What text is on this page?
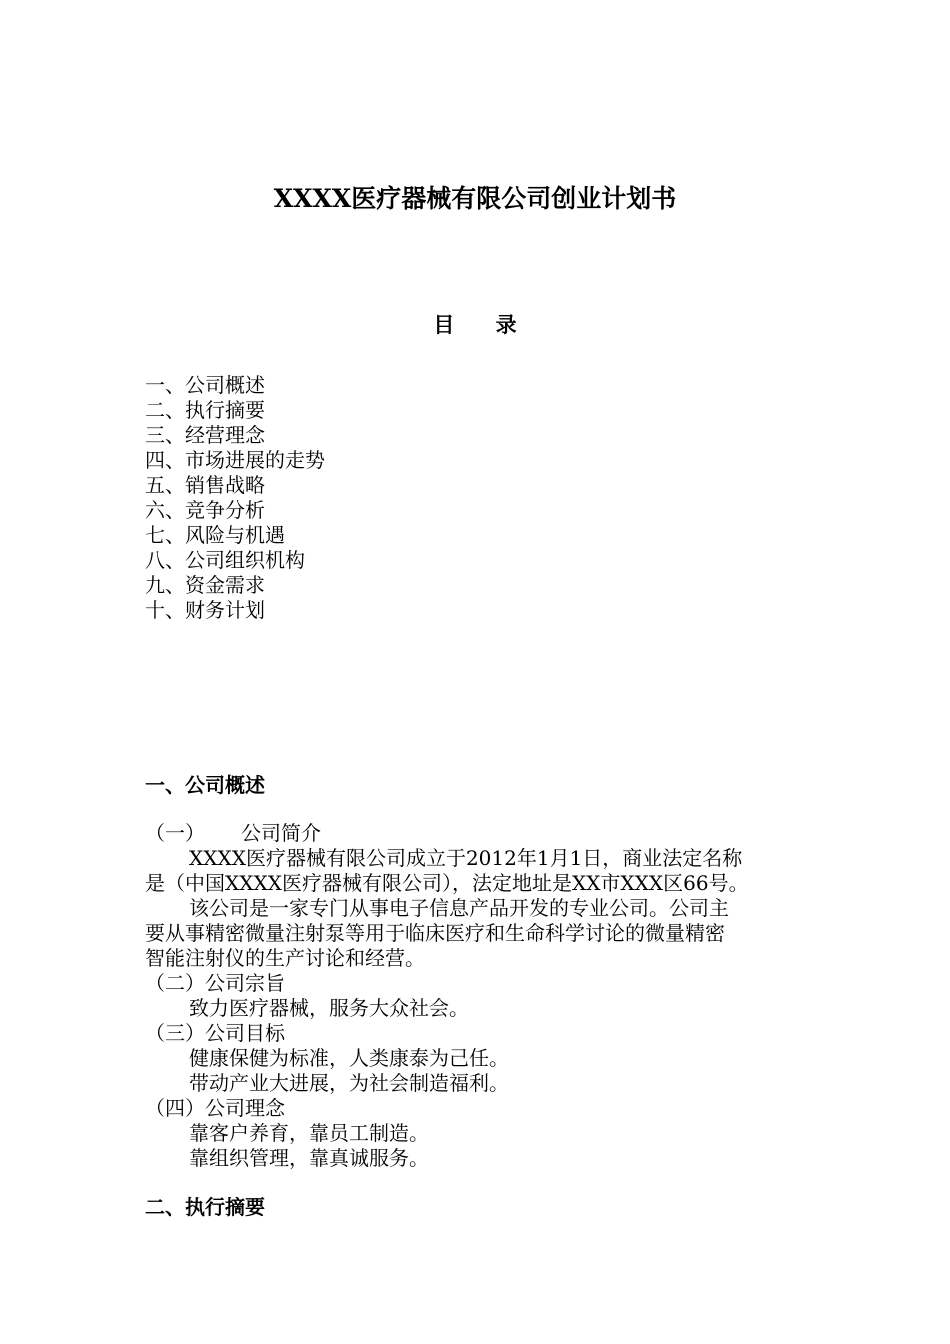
XXXX医疗器械有限公司创业计划书
目 录
一、公司概述
二、执行摘要
三、经营理念
四、市场进展的走势
五、销售战略
六、竞争分析
七、风险与机遇
八、公司组织机构
九、资金需求
十、财务计划
一、公司概述
（一） 公司简介
XXXX医疗器械有限公司成立于2012年1月1日，商业法定名称
是（中国XXXX医疗器械有限公司），法定地址是XX市XXX区66号。
该公司是一家专门从事电子信息产品开发的专业公司。公司主
要从事精密微量注射泵等用于临床医疗和生命科学讨论的微量精密
智能注射仪的生产讨论和经营。
（二）公司宗旨
致力医疗器械，服务大众社会。
（三）公司目标
健康保健为标准，人类康泰为己任。
带动产业大进展，为社会制造福利。
（四）公司理念
靠客户养育，靠员工制造。
靠组织管理，靠真诚服务。
二、执行摘要
